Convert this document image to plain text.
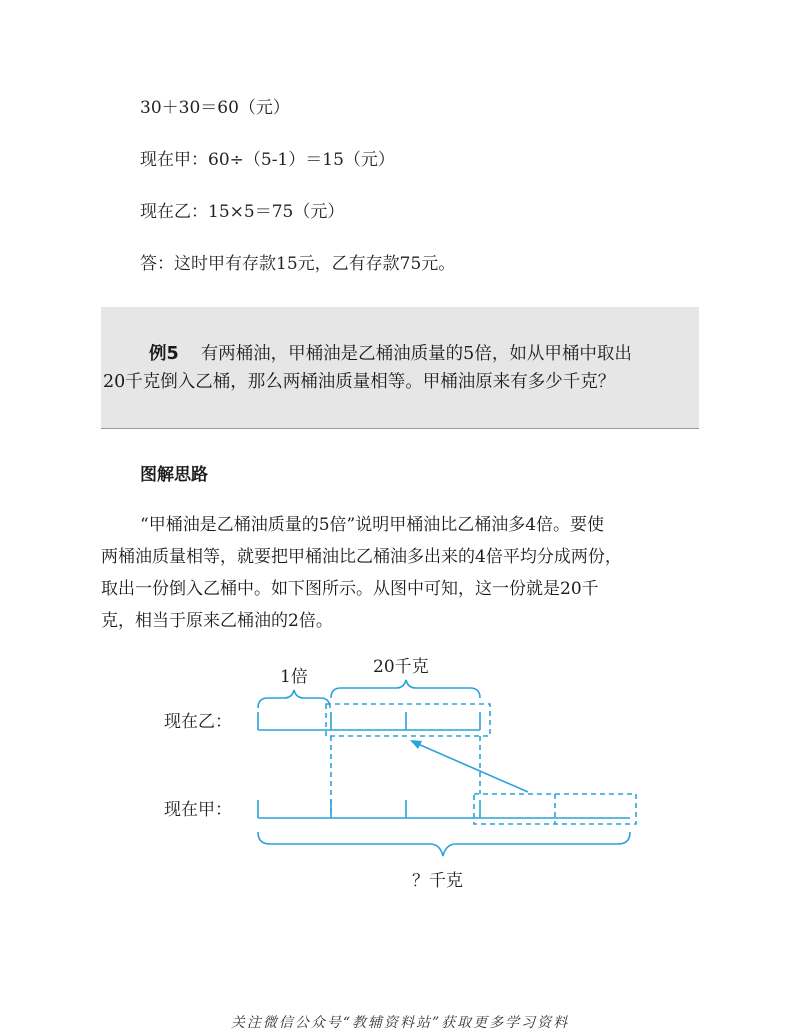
30＋30＝60（元）
现在甲：60÷（5-1）＝15（元）
现在乙：15×5＝75（元）
答：这时甲有存款15元，乙有存款75元。
例5 有两桶油，甲桶油是乙桶油质量的5倍，如从甲桶中取出
20千克倒入乙桶，那么两桶油质量相等。甲桶油原来有多少千克？
图解思路
“甲桶油是乙桶油质量的5倍”说明甲桶油比乙桶油多4倍。要使
两桶油质量相等，就要把甲桶油比乙桶油多出来的4倍平均分成两份，
取出一份倒入乙桶中。如下图所示。从图中可知，这一份就是20千
克，相当于原来乙桶油的2倍。
1倍	20千克
现在乙：
现在甲：
？千克
关注微信公众号“教辅资料站”获取更多学习资料
